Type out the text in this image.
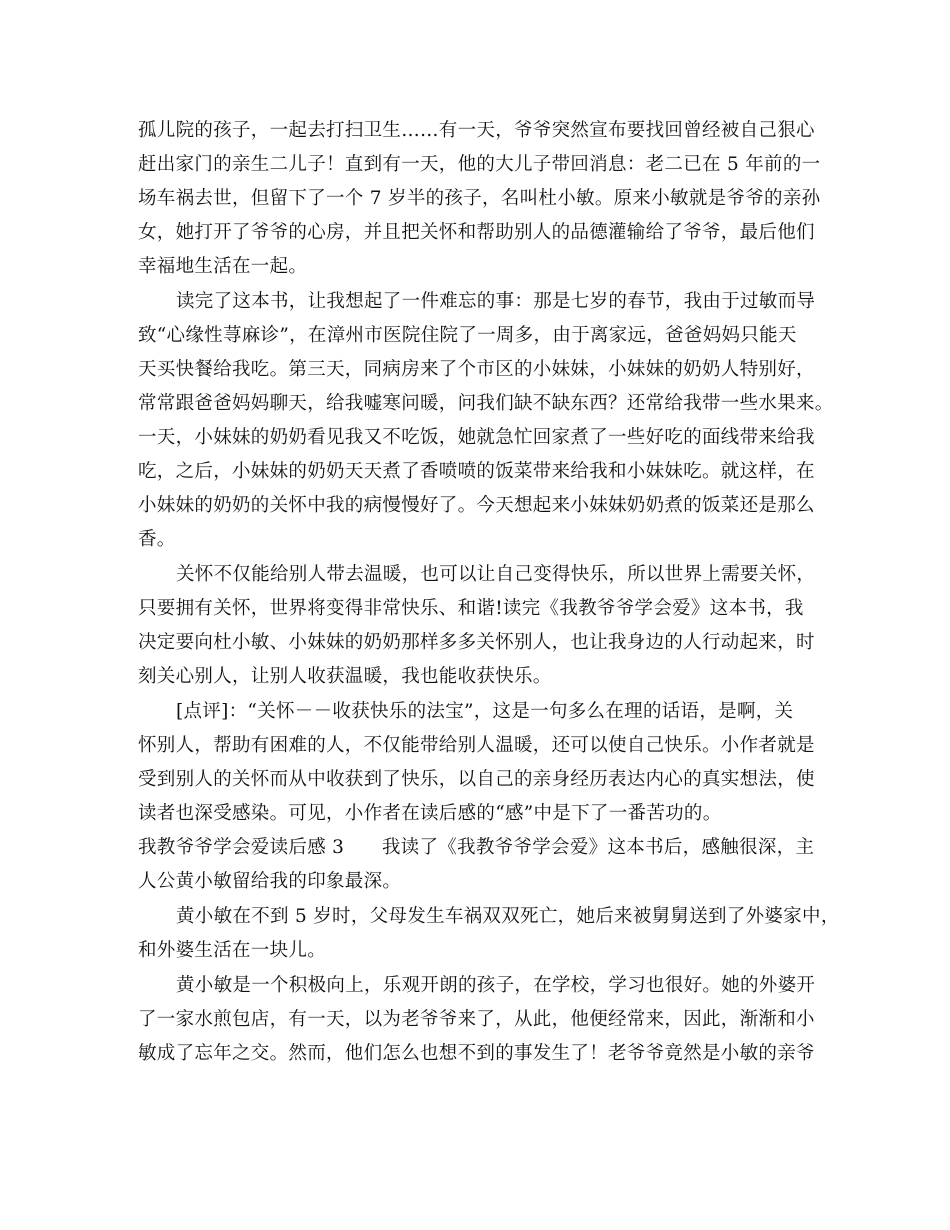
孤儿院的孩子，一起去打扫卫生……有一天，爷爷突然宣布要找回曾经被自己狠心
赶出家门的亲生二儿子！直到有一天，他的大儿子带回消息：老二已在 5 年前的一
场车祸去世，但留下了一个 7 岁半的孩子，名叫杜小敏。原来小敏就是爷爷的亲孙
女，她打开了爷爷的心房，并且把关怀和帮助别人的品德灌输给了爷爷，最后他们
幸福地生活在一起。
读完了这本书，让我想起了一件难忘的事：那是七岁的春节，我由于过敏而导
致“心缘性荨麻诊”，在漳州市医院住院了一周多，由于离家远，爸爸妈妈只能天
天买快餐给我吃。第三天，同病房来了个市区的小妹妹，小妹妹的奶奶人特别好，
常常跟爸爸妈妈聊天，给我嘘寒问暖，问我们缺不缺东西？还常给我带一些水果来。
一天，小妹妹的奶奶看见我又不吃饭，她就急忙回家煮了一些好吃的面线带来给我
吃，之后，小妹妹的奶奶天天煮了香喷喷的饭菜带来给我和小妹妹吃。就这样，在
小妹妹的奶奶的关怀中我的病慢慢好了。今天想起来小妹妹奶奶煮的饭菜还是那么
香。
关怀不仅能给别人带去温暖，也可以让自己变得快乐，所以世界上需要关怀，
只要拥有关怀，世界将变得非常快乐、和谐!读完《我教爷爷学会爱》这本书，我
决定要向杜小敏、小妹妹的奶奶那样多多关怀别人，也让我身边的人行动起来，时
刻关心别人，让别人收获温暖，我也能收获快乐。
[点评]：“关怀－－收获快乐的法宝”，这是一句多么在理的话语，是啊，关
怀别人，帮助有困难的人，不仅能带给别人温暖，还可以使自己快乐。小作者就是
受到别人的关怀而从中收获到了快乐，以自己的亲身经历表达内心的真实想法，使
读者也深受感染。可见，小作者在读后感的“感”中是下了一番苦功的。
我教爷爷学会爱读后感 3　　我读了《我教爷爷学会爱》这本书后，感触很深，主
人公黄小敏留给我的印象最深。
黄小敏在不到 5 岁时，父母发生车祸双双死亡，她后来被舅舅送到了外婆家中，
和外婆生活在一块儿。
黄小敏是一个积极向上，乐观开朗的孩子，在学校，学习也很好。她的外婆开
了一家水煎包店，有一天，以为老爷爷来了，从此，他便经常来，因此，渐渐和小
敏成了忘年之交。然而，他们怎么也想不到的事发生了！老爷爷竟然是小敏的亲爷
